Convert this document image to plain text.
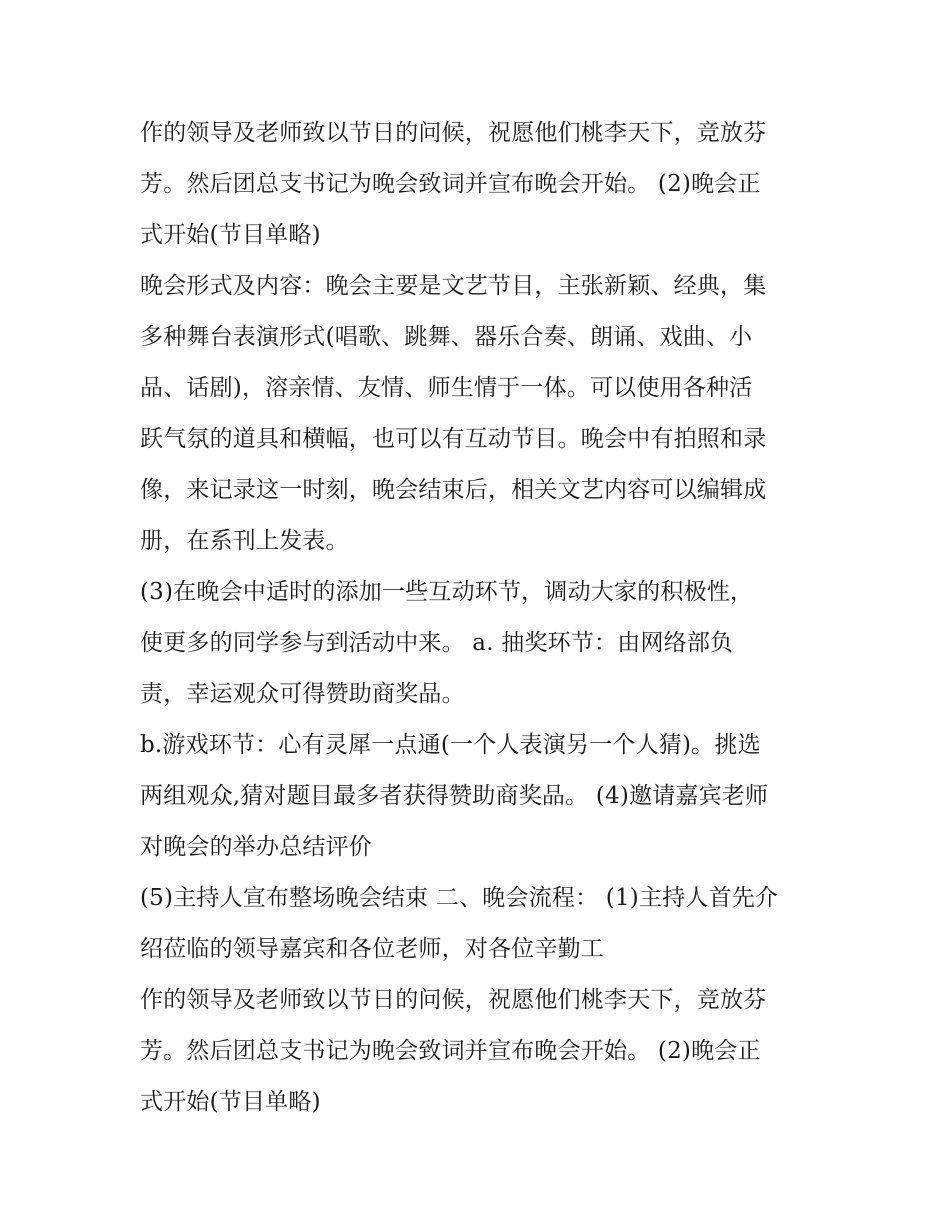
作的领导及老师致以节日的问候，祝愿他们桃李天下，竞放芬
芳。然后团总支书记为晚会致词并宣布晚会开始。 (2)晚会正
式开始(节目单略)
晚会形式及内容：晚会主要是文艺节目，主张新颖、经典，集
多种舞台表演形式(唱歌、跳舞、器乐合奏、朗诵、戏曲、小
品、话剧)，溶亲情、友情、师生情于一体。可以使用各种活
跃气氛的道具和横幅，也可以有互动节目。晚会中有拍照和录
像，来记录这一时刻，晚会结束后，相关文艺内容可以编辑成
册，在系刊上发表。
(3)在晚会中适时的添加一些互动环节，调动大家的积极性，
使更多的同学参与到活动中来。 a. 抽奖环节：由网络部负
责，幸运观众可得赞助商奖品。
b.游戏环节：心有灵犀一点通(一个人表演另一个人猜)。挑选
两组观众,猜对题目最多者获得赞助商奖品。 (4)邀请嘉宾老师
对晚会的举办总结评价
(5)主持人宣布整场晚会结束 二、晚会流程： (1)主持人首先介
绍莅临的领导嘉宾和各位老师，对各位辛勤工
作的领导及老师致以节日的问候，祝愿他们桃李天下，竞放芬
芳。然后团总支书记为晚会致词并宣布晚会开始。 (2)晚会正
式开始(节目单略)
